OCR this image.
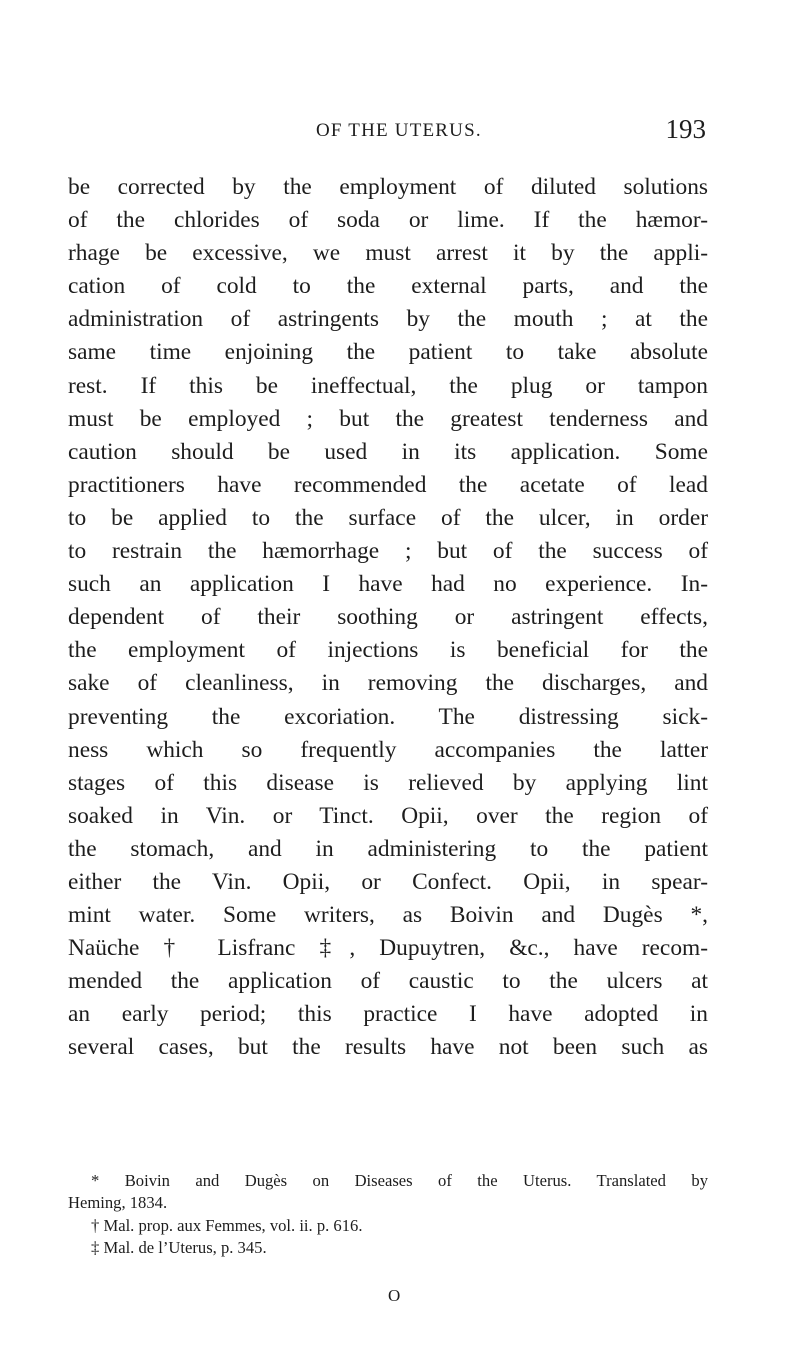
OF THE UTERUS.	193
be corrected by the employment of diluted solutions
of the chlorides of soda or lime. If the hæmor-
rhage be excessive, we must arrest it by the appli-
cation of cold to the external parts, and the
administration of astringents by the mouth ; at the
same time enjoining the patient to take absolute
rest. If this be ineffectual, the plug or tampon
must be employed ; but the greatest tenderness and
caution should be used in its application. Some
practitioners have recommended the acetate of lead
to be applied to the surface of the ulcer, in order
to restrain the hæmorrhage ; but of the success of
such an application I have had no experience. In-
dependent of their soothing or astringent effects,
the employment of injections is beneficial for the
sake of cleanliness, in removing the discharges, and
preventing the excoriation. The distressing sick-
ness which so frequently accompanies the latter
stages of this disease is relieved by applying lint
soaked in Vin. or Tinct. Opii, over the region of
the stomach, and in administering to the patient
either the Vin. Opii, or Confect. Opii, in spear-
mint water. Some writers, as Boivin and Dugès *,
Naüche † Lisfranc ‡, Dupuytren, &c., have recom-
mended the application of caustic to the ulcers at
an early period; this practice I have adopted in
several cases, but the results have not been such as
* Boivin and Dugès on Diseases of the Uterus. Translated by
Heming, 1834.
† Mal. prop. aux Femmes, vol. ii. p. 616.
‡ Mal. de l’Uterus, p. 345.
O
